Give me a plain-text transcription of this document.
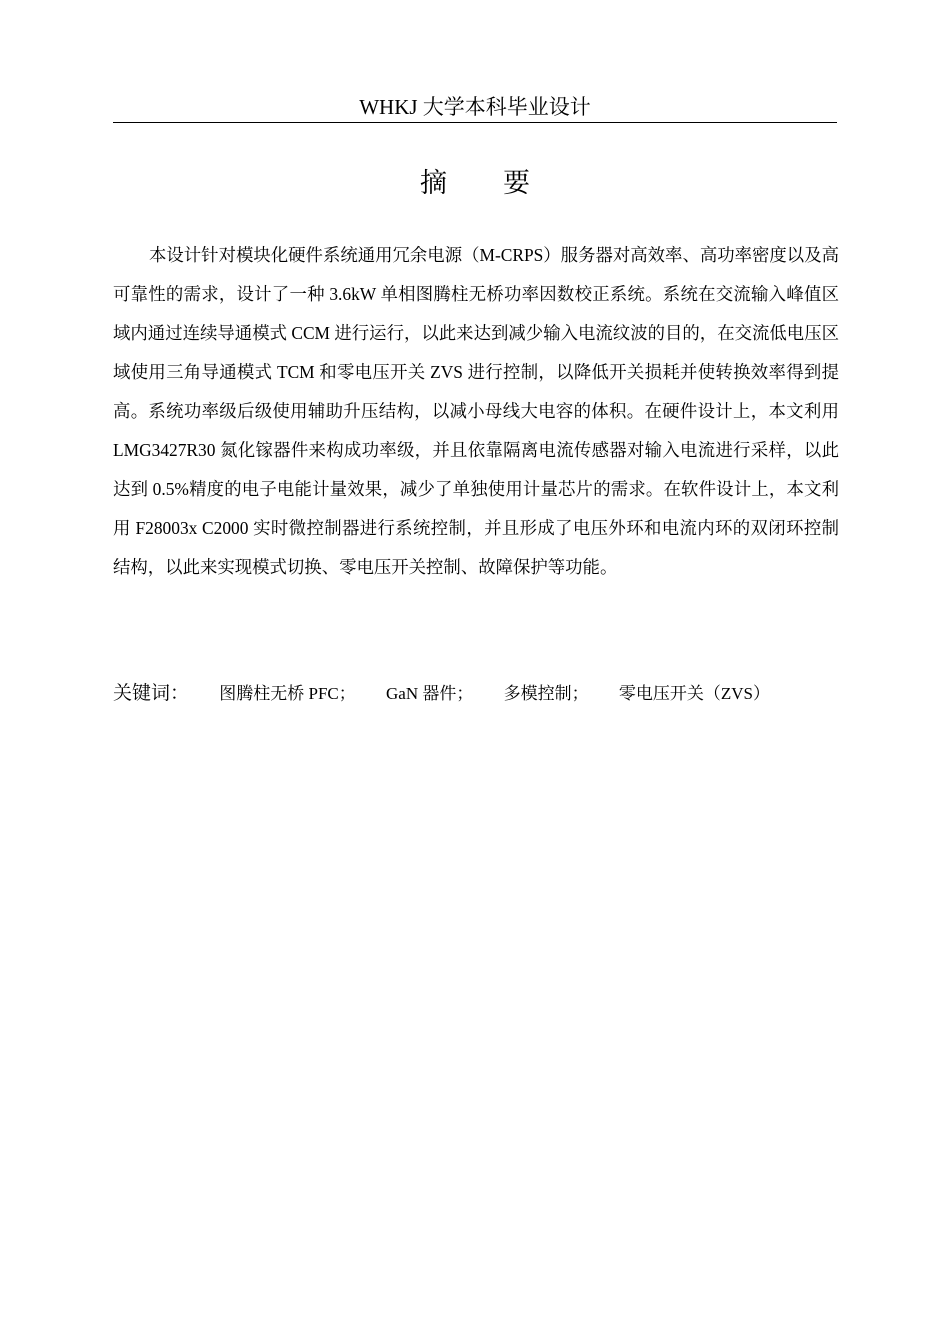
WHKJ 大学本科毕业设计
摘要

本设计针对模块化硬件系统通用冗余电源（M-CRPS）服务器对高效率、高功率密度以及高可靠性的需求，设计了一种 3.6kW 单相图腾柱无桥功率因数校正系统。系统在交流输入峰值区域内通过连续导通模式 CCM 进行运行，以此来达到减少输入电流纹波的目的，在交流低电压区域使用三角导通模式 TCM 和零电压开关 ZVS 进行控制，以降低开关损耗并使转换效率得到提高。系统功率级后级使用辅助升压结构，以减小母线大电容的体积。在硬件设计上，本文利用 LMG3427R30 氮化镓器件来构成功率级，并且依靠隔离电流传感器对输入电流进行采样，以此达到 0.5%精度的电子电能计量效果，减少了单独使用计量芯片的需求。在软件设计上，本文利用 F28003x C2000 实时微控制器进行系统控制，并且形成了电压外环和电流内环的双闭环控制结构，以此来实现模式切换、零电压开关控制、故障保护等功能。

关键词： 图腾柱无桥 PFC； GaN 器件； 多模控制； 零电压开关（ZVS）
